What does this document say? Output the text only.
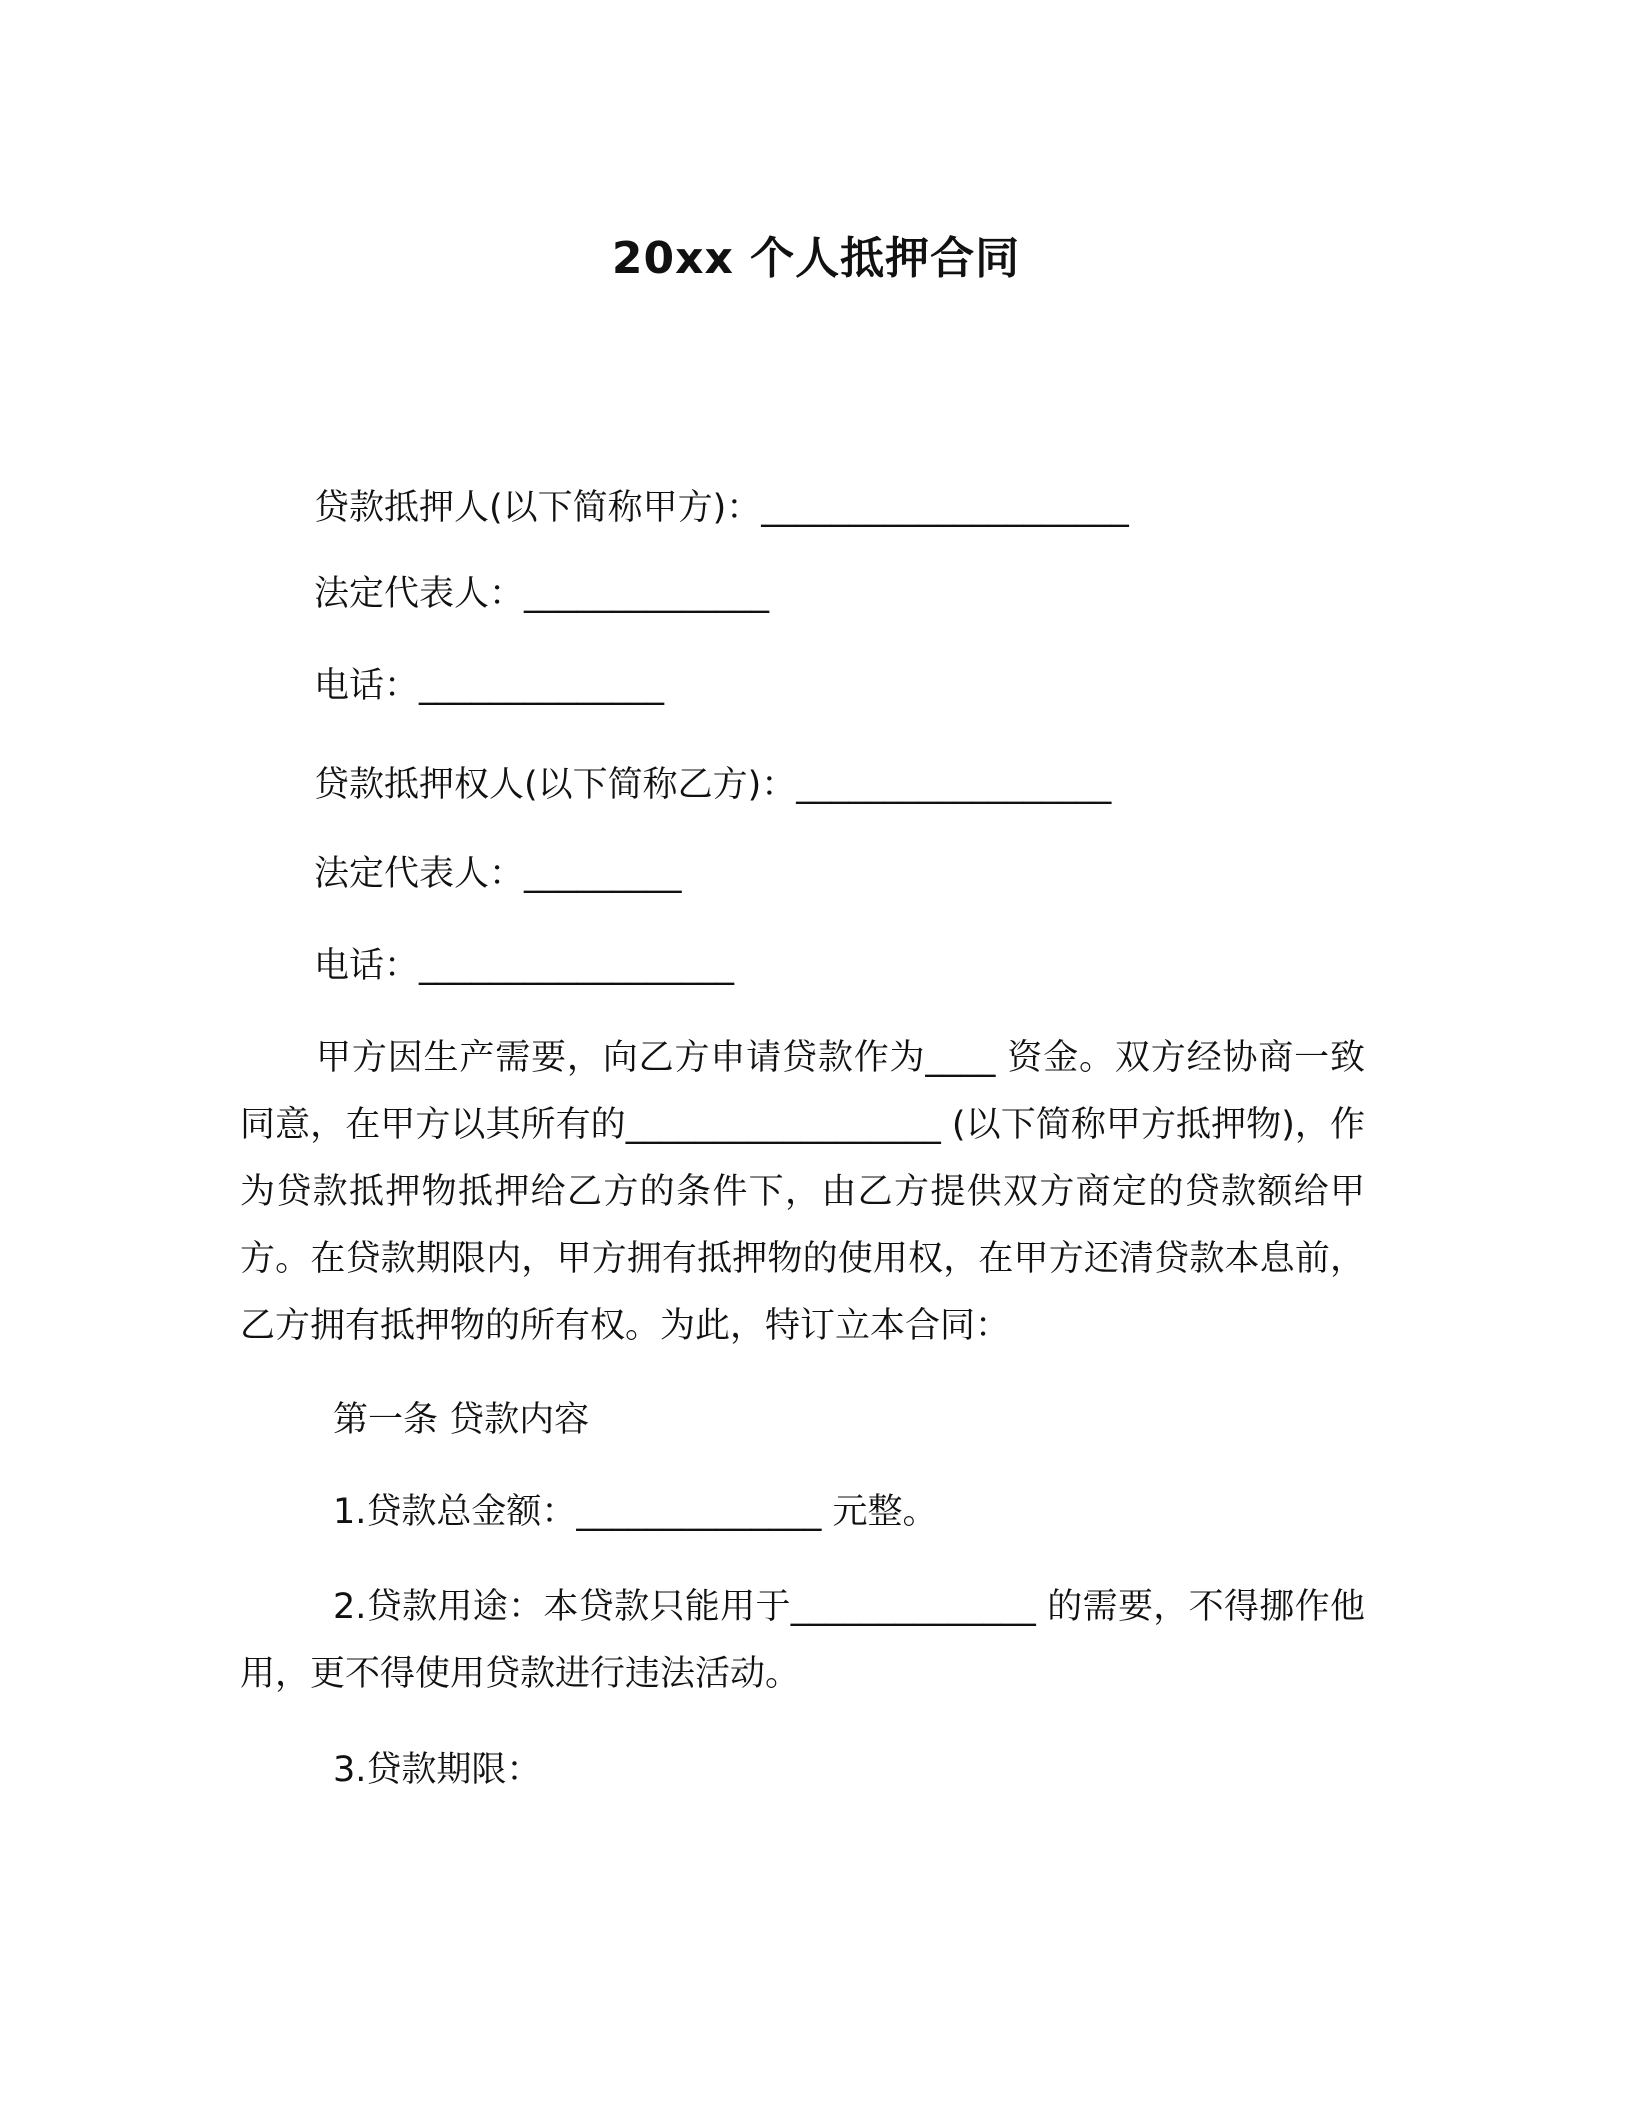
20xx 个人抵押合同
贷款抵押人(以下简称甲方)：_____________________
法定代表人：______________
电话：______________
贷款抵押权人(以下简称乙方)：__________________
法定代表人：_________
电话：__________________
甲方因生产需要，向乙方申请贷款作为____ 资金。双方经协商一致同意，在甲方以其所有的__________________ (以下简称甲方抵押物)，作为贷款抵押物抵押给乙方的条件下，由乙方提供双方商定的贷款额给甲方。在贷款期限内，甲方拥有抵押物的使用权，在甲方还清贷款本息前，乙方拥有抵押物的所有权。为此，特订立本合同：
第一条 贷款内容
1.贷款总金额：______________ 元整。
2.贷款用途：本贷款只能用于______________ 的需要，不得挪作他用，更不得使用贷款进行违法活动。
3.贷款期限：
